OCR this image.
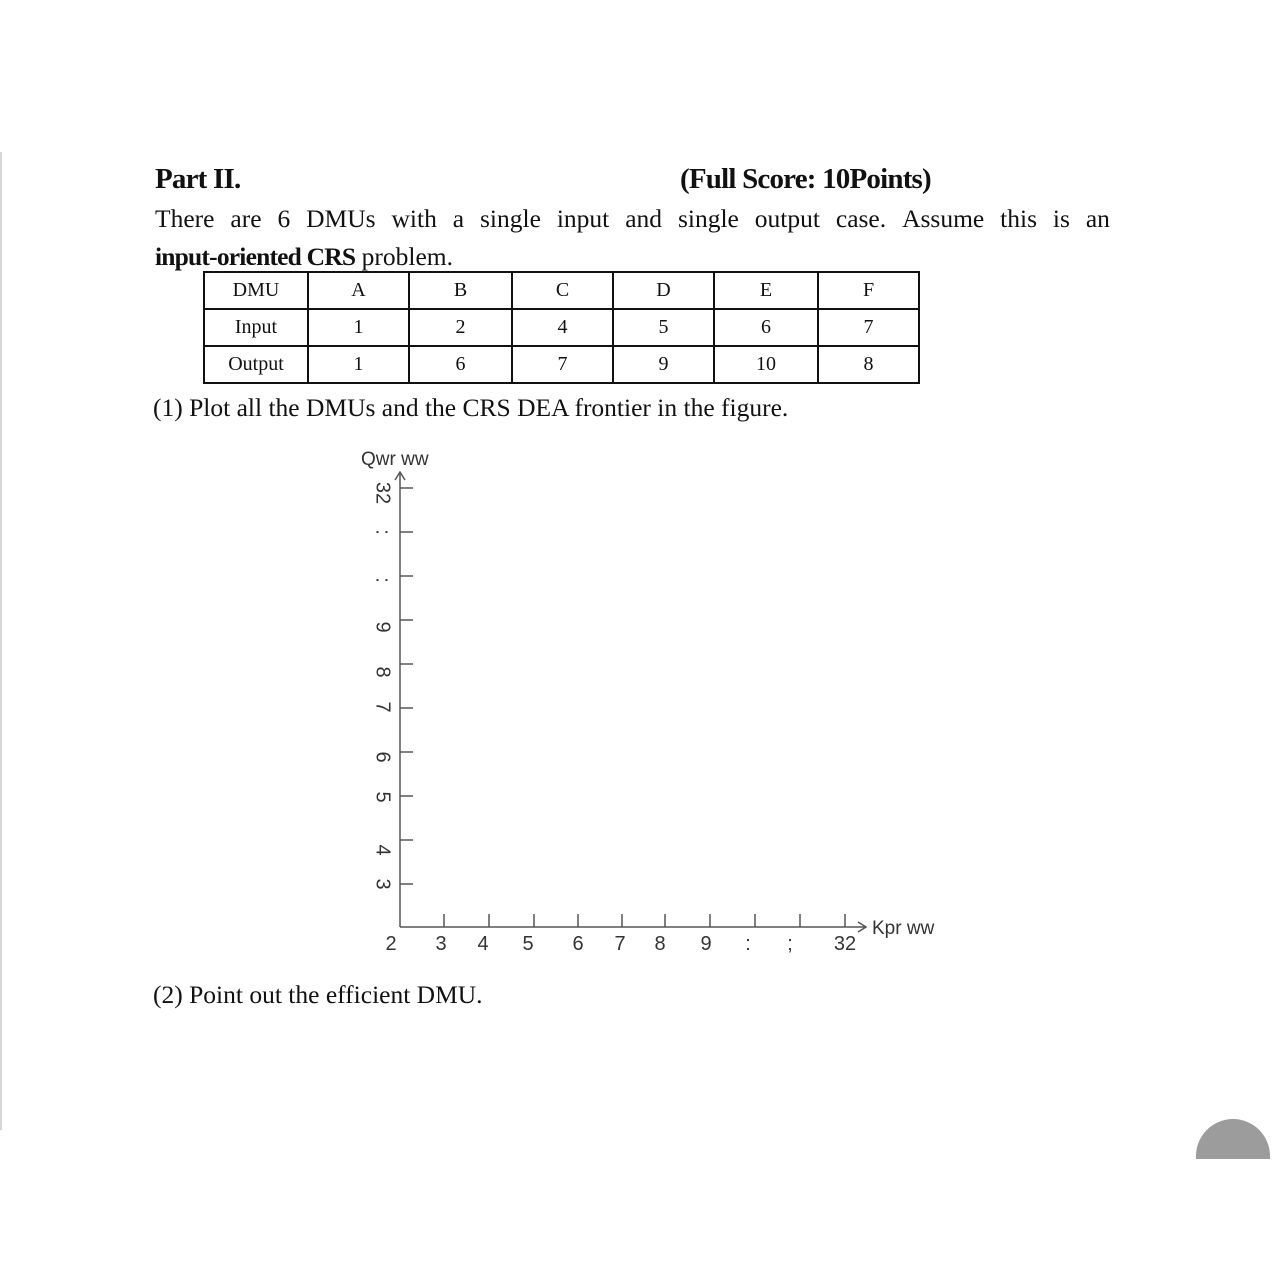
Part II.	(Full Score: 10Points)
There are 6 DMUs with a single input and single output case. Assume this is an
input-oriented CRS problem.
DMU	A	B	C	D	E	F
Input	1	2	4	5	6	7
Output	1	6	7	9	10	8
(1) Plot all the DMUs and the CRS DEA frontier in the figure.
2 3 4 5 6 7 8 9 : ; 32
3
4
5
6
7
8
9
:
:
32
Qwr ww
Kpr ww
(2) Point out the efficient DMU.
